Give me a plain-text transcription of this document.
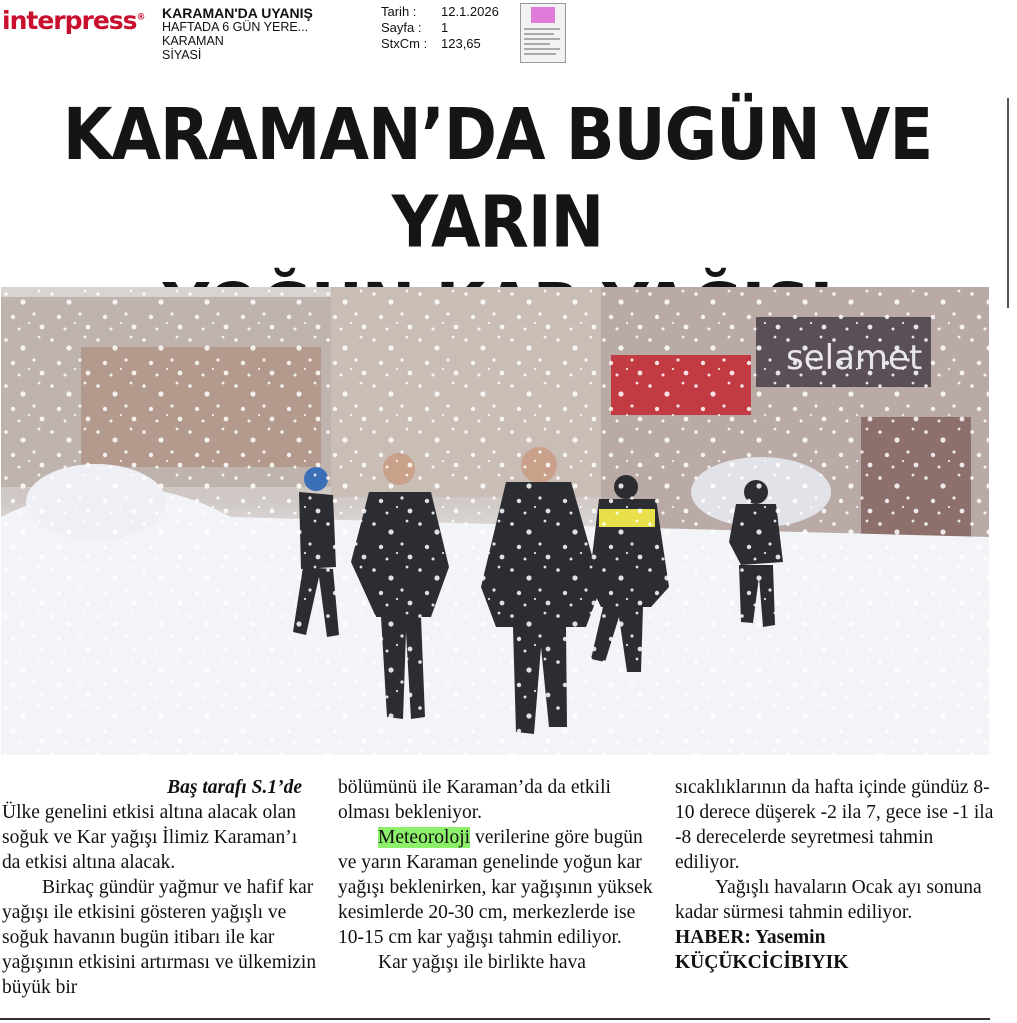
interpress® KARAMAN'DA UYANIŞ
HAFTADA 6 GÜN YERE...
KARAMAN
SİYASİ
Tarih :	12.1.2026
Sayfa :	1
StxCm :	123,65
KARAMAN’DA BUGÜN VE YARIN

Baş tarafı S.1’de

Ülke genelini etkisi altına alacak olan soğuk ve Kar yağışı İlimiz Karaman’ı da etkisi altına alacak.

Birkaç gündür yağmur ve hafif kar yağışı ile etkisini gösteren yağışlı ve soğuk havanın bugün itibarı ile kar yağışının etkisini artırması ve ülkemizin büyük bir

bölümünü ile Karaman’da da etkili olması bekleniyor.

Meteoroloji verilerine göre bugün ve yarın Karaman genelinde yoğun kar yağışı beklenirken, kar yağışının yüksek kesimlerde 20-30 cm, merkezlerde ise 10-15 cm kar yağışı tahmin ediliyor.

Kar yağışı ile birlikte hava

sıcaklıklarının da hafta içinde gündüz 8-10 derece düşerek -2 ila 7, gece ise -1 ila -8 derecelerde seyretmesi tahmin ediliyor.

Yağışlı havaların Ocak ayı sonuna kadar sürmesi tahmin ediliyor.

HABER: Yasemin KÜÇÜKCİCİBIYIK
